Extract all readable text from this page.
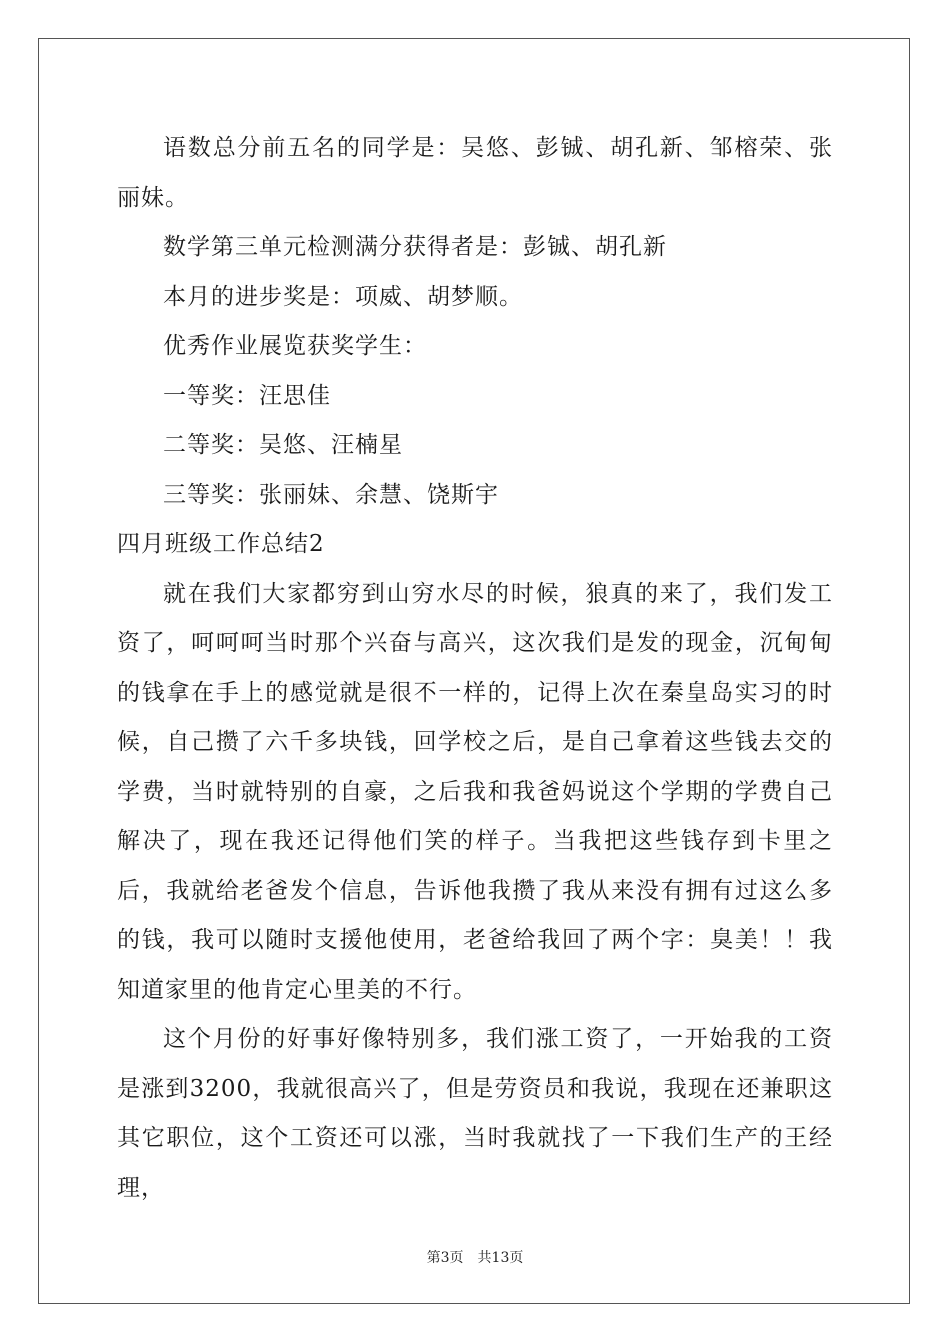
语数总分前五名的同学是：吴悠、彭铖、胡孔新、邹榕荣、张丽妹。

数学第三单元检测满分获得者是：彭铖、胡孔新

本月的进步奖是：项威、胡梦顺。

优秀作业展览获奖学生：

一等奖：汪思佳

二等奖：吴悠、汪楠星

三等奖：张丽妹、余慧、饶斯宇

四月班级工作总结2

就在我们大家都穷到山穷水尽的时候，狼真的来了，我们发工资了，呵呵呵当时那个兴奋与高兴，这次我们是发的现金，沉甸甸的钱拿在手上的感觉就是很不一样的，记得上次在秦皇岛实习的时候，自己攒了六千多块钱，回学校之后，是自己拿着这些钱去交的学费，当时就特别的自豪，之后我和我爸妈说这个学期的学费自己解决了，现在我还记得他们笑的样子。当我把这些钱存到卡里之后，我就给老爸发个信息，告诉他我攒了我从来没有拥有过这么多的钱，我可以随时支援他使用，老爸给我回了两个字：臭美！！我知道家里的他肯定心里美的不行。

这个月份的好事好像特别多，我们涨工资了，一开始我的工资是涨到3200，我就很高兴了，但是劳资员和我说，我现在还兼职这其它职位，这个工资还可以涨，当时我就找了一下我们生产的王经理，

第3页 共13页
